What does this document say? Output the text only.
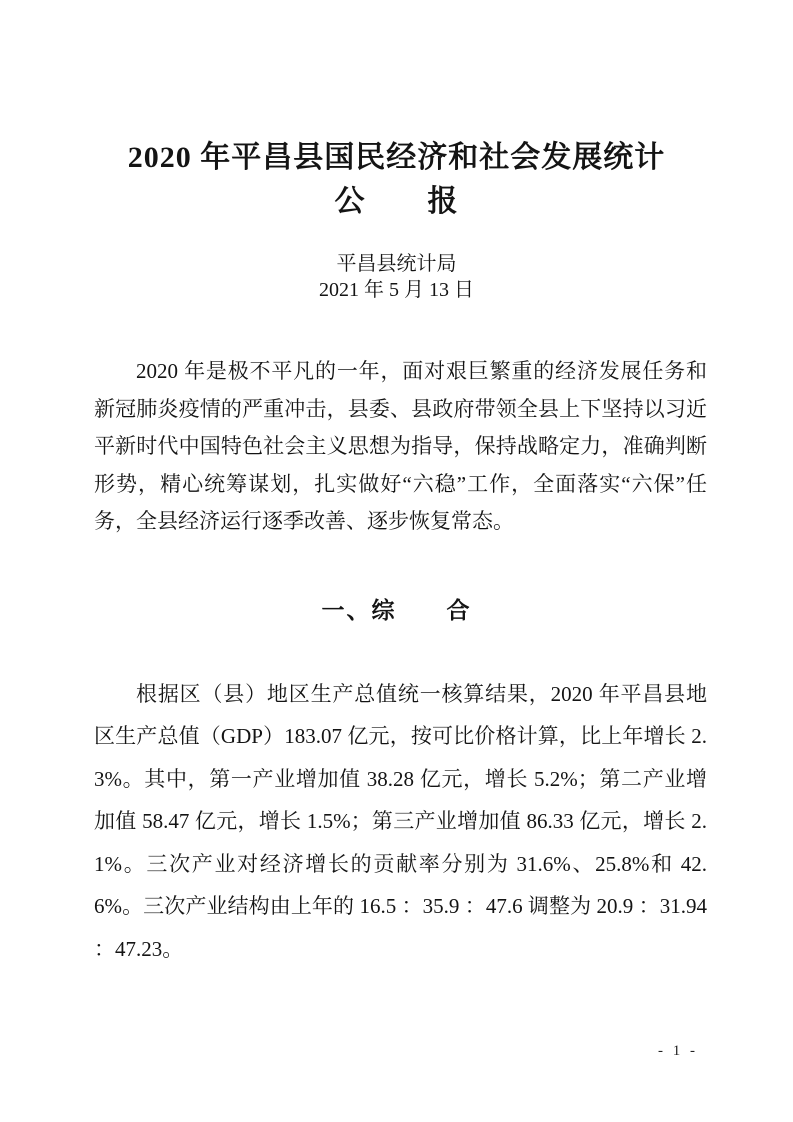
2020 年平昌县国民经济和社会发展统计
公　　报
平昌县统计局
2021 年 5 月 13 日

2020 年是极不平凡的一年，面对艰巨繁重的经济发展任务和新冠肺炎疫情的严重冲击，县委、县政府带领全县上下坚持以习近平新时代中国特色社会主义思想为指导，保持战略定力，准确判断形势，精心统筹谋划，扎实做好“六稳”工作，全面落实“六保”任务，全县经济运行逐季改善、逐步恢复常态。

一、综　　合

根据区（县）地区生产总值统一核算结果，2020 年平昌县地区生产总值（GDP）183.07 亿元，按可比价格计算，比上年增长 2.3%。其中，第一产业增加值 38.28 亿元，增长 5.2%；第二产业增加值 58.47 亿元，增长 1.5%；第三产业增加值 86.33 亿元，增长 2.1%。三次产业对经济增长的贡献率分别为 31.6%、25.8%和 42.6%。三次产业结构由上年的 16.5 ：35.9 ：47.6 调整为 20.9 ：31.94 ：47.23。

- 1 -
